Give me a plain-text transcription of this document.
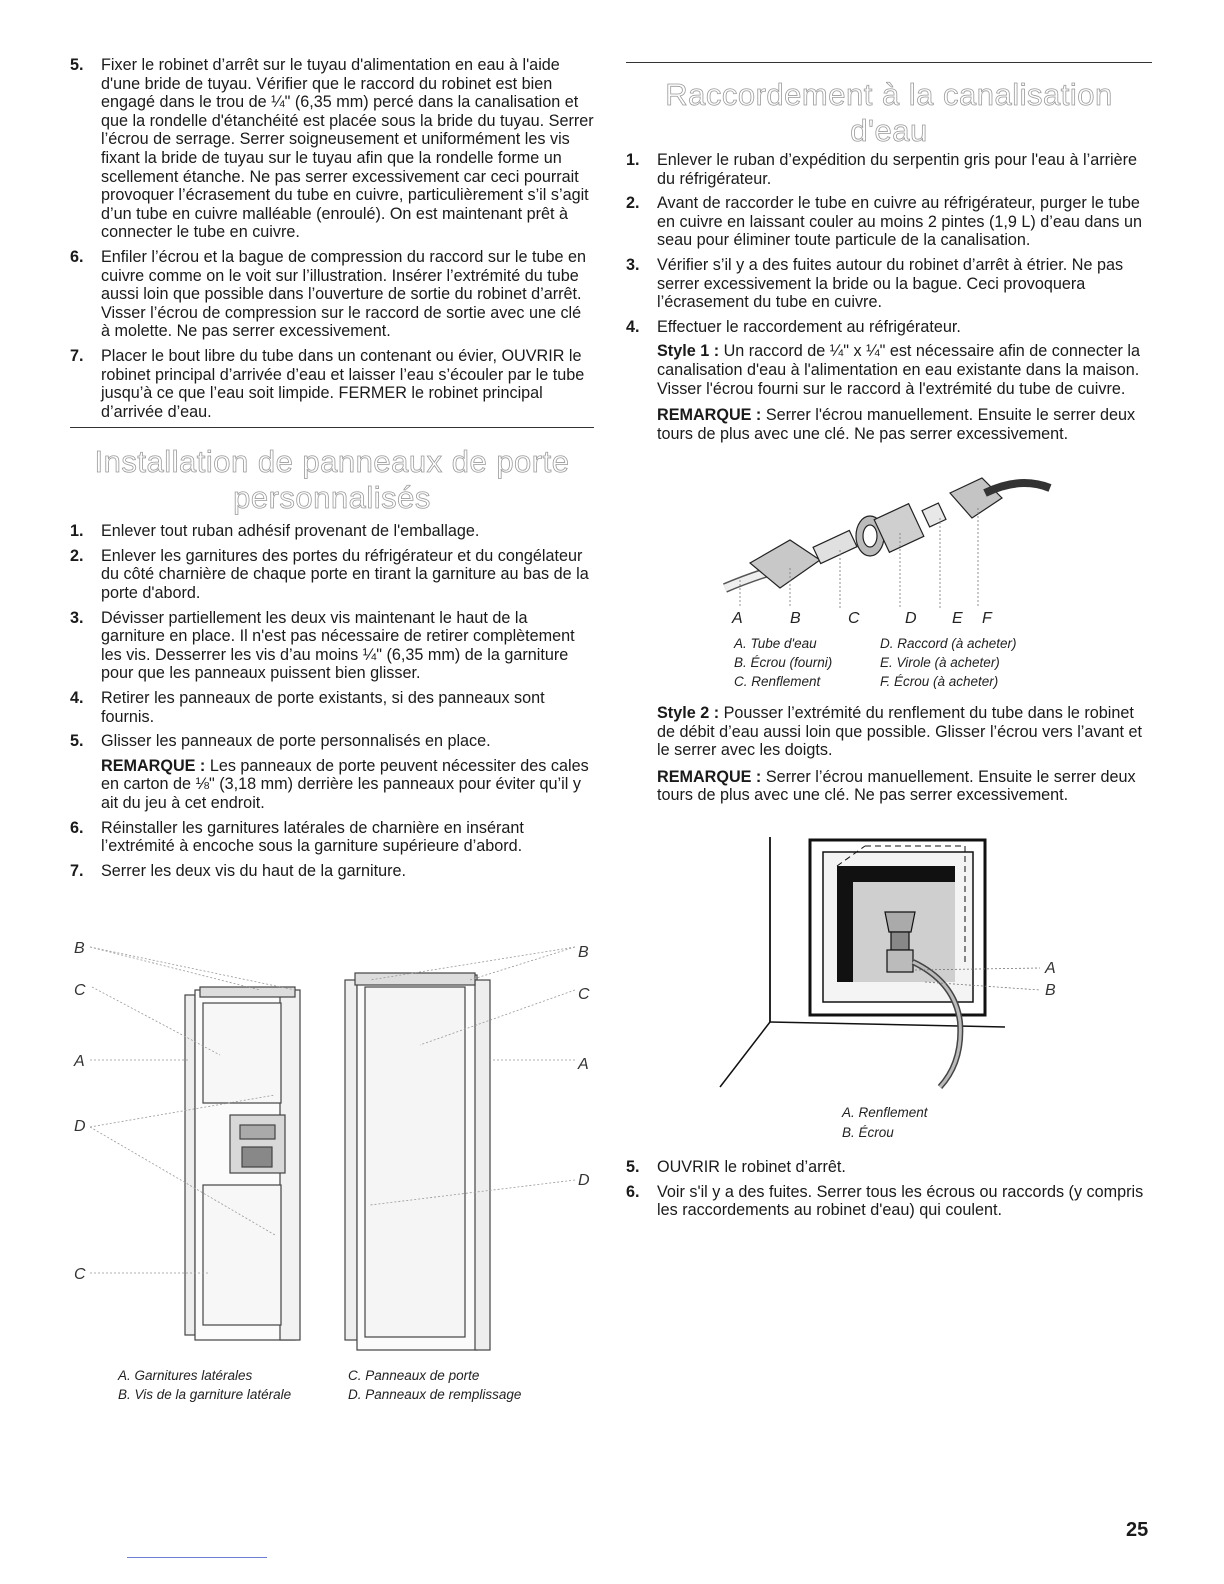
5. Fixer le robinet d’arrêt sur le tuyau d'alimentation en eau à l'aide d'une bride de tuyau. Vérifier que le raccord du robinet est bien engagé dans le trou de ¼" (6,35 mm) percé dans la canalisation et que la rondelle d'étanchéité est placée sous la bride du tuyau. Serrer l’écrou de serrage. Serrer soigneusement et uniformément les vis fixant la bride de tuyau sur le tuyau afin que la rondelle forme un scellement étanche. Ne pas serrer excessivement car ceci pourrait provoquer l’écrasement du tube en cuivre, particulièrement s’il s’agit d’un tube en cuivre malléable (enroulé). On est maintenant prêt à connecter le tube en cuivre.
6. Enfiler l’écrou et la bague de compression du raccord sur le tube en cuivre comme on le voit sur l’illustration. Insérer l’extrémité du tube aussi loin que possible dans l’ouverture de sortie du robinet d’arrêt. Visser l’écrou de compression sur le raccord de sortie avec une clé à molette. Ne pas serrer excessivement.
7. Placer le bout libre du tube dans un contenant ou évier, OUVRIR le robinet principal d’arrivée d’eau et laisser l’eau s’écouler par le tube jusqu’à ce que l’eau soit limpide. FERMER le robinet principal d’arrivée d’eau.
Installation de panneaux de porte
personnalisés
1. Enlever tout ruban adhésif provenant de l'emballage.
2. Enlever les garnitures des portes du réfrigérateur et du congélateur du côté charnière de chaque porte en tirant la garniture au bas de la porte d'abord.
3. Dévisser partiellement les deux vis maintenant le haut de la garniture en place. Il n'est pas nécessaire de retirer complètement les vis. Desserrer les vis d’au moins ¼" (6,35 mm) de la garniture pour que les panneaux puissent bien glisser.
4. Retirer les panneaux de porte existants, si des panneaux sont fournis.
5. Glisser les panneaux de porte personnalisés en place.
REMARQUE : Les panneaux de porte peuvent nécessiter des cales en carton de ⅛" (3,18 mm) derrière les panneaux pour éviter qu’il y ait du jeu à cet endroit.
6. Réinstaller les garnitures latérales de charnière en insérant l’extrémité à encoche sous la garniture supérieure d’abord.
7. Serrer les deux vis du haut de la garniture.
B	B
C	C
A	A
D
D
C
A. Garnitures latérales	C. Panneaux de porte
B. Vis de la garniture latérale	D. Panneaux de remplissage
Raccordement à la canalisation d'eau
1. Enlever le ruban d’expédition du serpentin gris pour l'eau à l’arrière du réfrigérateur.
2. Avant de raccorder le tube en cuivre au réfrigérateur, purger le tube en cuivre en laissant couler au moins 2 pintes (1,9 L) d’eau dans un seau pour éliminer toute particule de la canalisation.
3. Vérifier s’il y a des fuites autour du robinet d’arrêt à étrier. Ne pas serrer excessivement la bride ou la bague. Ceci provoquera l’écrasement du tube en cuivre.
4. Effectuer le raccordement au réfrigérateur.

Style 1 : Un raccord de ¼" x ¼" est nécessaire afin de connecter la canalisation d'eau à l'alimentation en eau existante dans la maison. Visser l'écrou fourni sur le raccord à l'extrémité du tube de cuivre.

REMARQUE : Serrer l'écrou manuellement. Ensuite le serrer deux tours de plus avec une clé. Ne pas serrer excessivement.

A	B	C	D E F
A. Tube d'eau	D. Raccord (à acheter)
B. Écrou (fourni)	E. Virole (à acheter)
C. Renflement	F. Écrou (à acheter)

Style 2 : Pousser l’extrémité du renflement du tube dans le robinet de débit d’eau aussi loin que possible. Glisser l’écrou vers l’avant et le serrer avec les doigts.

REMARQUE : Serrer l’écrou manuellement. Ensuite le serrer deux tours de plus avec une clé. Ne pas serrer excessivement.

A
B
A. Renflement
B. Écrou
5. OUVRIR le robinet d’arrêt.
6. Voir s'il y a des fuites. Serrer tous les écrous ou raccords (y compris les raccordements au robinet d'eau) qui coulent.
25
